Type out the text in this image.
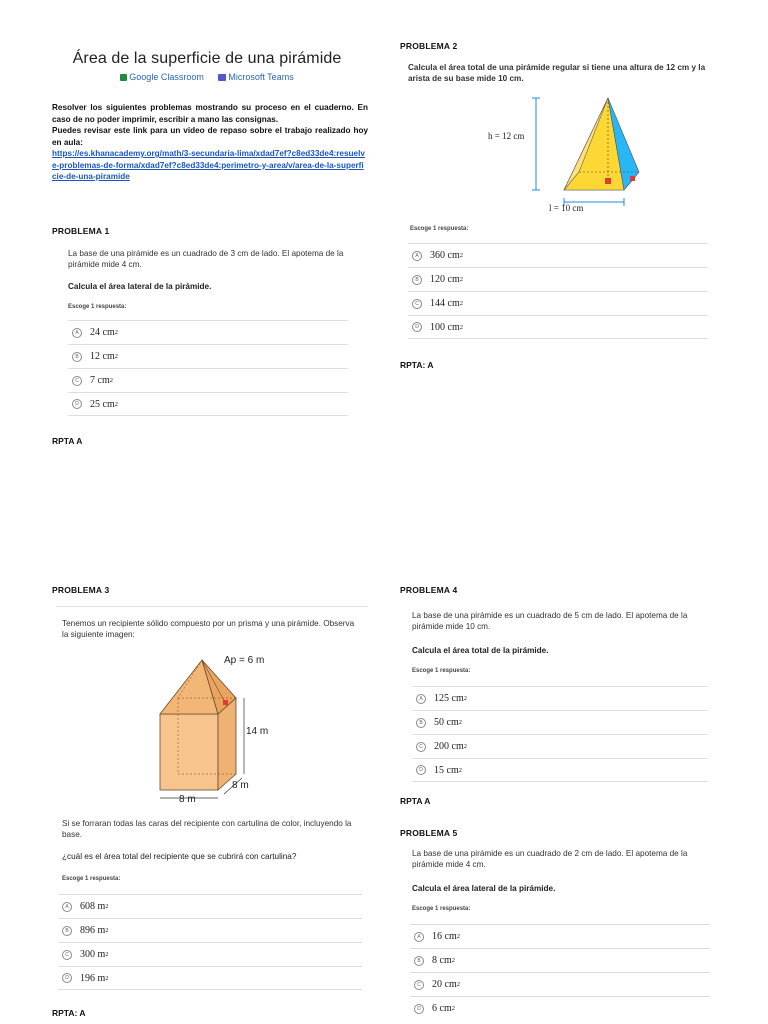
Área de la superficie de una pirámide
Google Classroom
	Microsoft Teams
Resolver los siguientes problemas mostrando su proceso en el cuaderno. En caso de no poder imprimir, escribir a mano las consignas.
Puedes revisar este link para un video de repaso sobre el trabajo realizado hoy en aula:
https://es.khanacademy.org/math/3-secundaria-lima/xdad7ef?c8ed33de4:resuelve-problemas-de-forma/xdad7ef?c8ed33de4:perimetro-y-area/v/area-de-la-superficie-de-una-piramide
PROBLEMA 1
La base de una pirámide es un cuadrado de 3 cm de lado. El apotema de la pirámide mide 4 cm.
Calcula el área lateral de la pirámide.
Escoge 1 respuesta:
A	24 cm 2
B	12 cm 2
C	7 cm 2
D	25 cm 2
RPTA A
PROBLEMA 2
Calcula el área total de una pirámide regular si tiene una altura de 12 cm y la arista de su base mide 10 cm.
h = 12 cm
l = 10 cm
Escoge 1 respuesta:
A	360 cm 2
B	120 cm 2
C	144 cm 2
D	100 cm 2
RPTA: A
PROBLEMA 3
Tenemos un recipiente sólido compuesto por un prisma y una pirámide. Observa la siguiente imagen:
Ap = 6 m
14 m
8 m
8 m
Si se forraran todas las caras del recipiente con cartulina de color, incluyendo la base.
¿cuál es el área total del recipiente que se cubrirá con cartulina?
Escoge 1 respuesta:
A	608 m 2
B	896 m 2
C	300 m 2
D	196 m 2
RPTA: A
PROBLEMA 4
La base de una pirámide es un cuadrado de 5 cm de lado. El apotema de la pirámide mide 10 cm.
Calcula el área total de la pirámide.
Escoge 1 respuesta:
A	125 cm 2
B	50 cm 2
C	200 cm 2
D	15 cm 2
RPTA A
PROBLEMA 5
La base de una pirámide es un cuadrado de 2 cm de lado. El apotema de la pirámide mide 4 cm.
Calcula el área lateral de la pirámide.
Escoge 1 respuesta:
A	16 cm 2
B	8 cm 2
C	20 cm 2
D	6 cm 2
